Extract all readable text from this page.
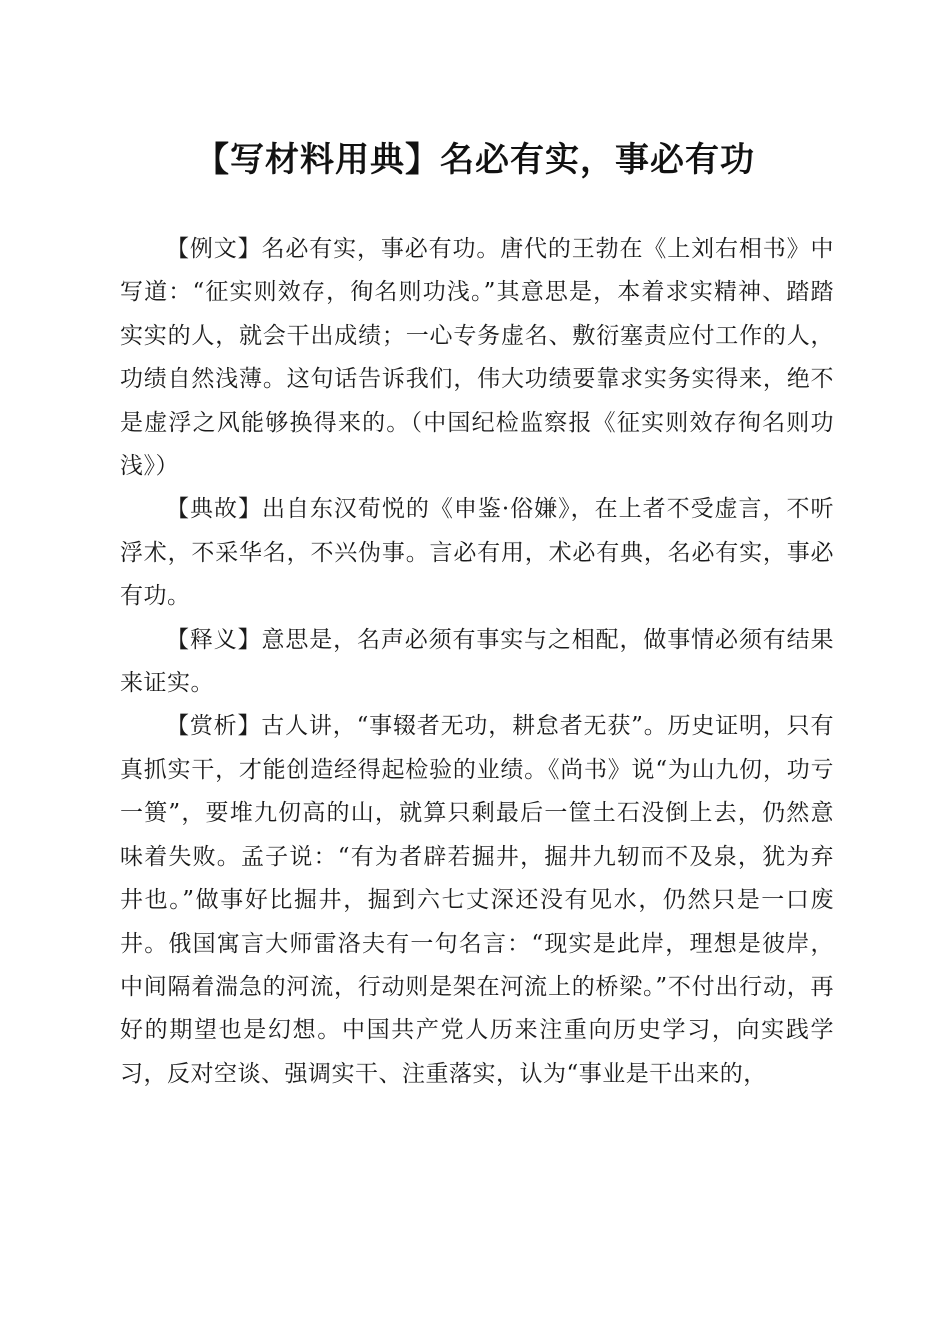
【写材料用典】名必有实，事必有功

【例文】名必有实，事必有功。唐代的王勃在《上刘右相书》中写道：“征实则效存，徇名则功浅。”其意思是，本着求实精神、踏踏实实的人，就会干出成绩；一心专务虚名、敷衍塞责应付工作的人，功绩自然浅薄。这句话告诉我们，伟大功绩要靠求实务实得来，绝不是虚浮之风能够换得来的。（中国纪检监察报《征实则效存徇名则功浅》）

【典故】出自东汉荀悦的《申鉴·俗嫌》，在上者不受虚言，不听浮术，不采华名，不兴伪事。言必有用，术必有典，名必有实，事必有功。

【释义】意思是，名声必须有事实与之相配，做事情必须有结果来证实。

【赏析】古人讲，“事辍者无功，耕怠者无获”。历史证明，只有真抓实干，才能创造经得起检验的业绩。《尚书》说“为山九仞，功亏一篑”，要堆九仞高的山，就算只剩最后一筐土石没倒上去，仍然意味着失败。孟子说：“有为者辟若掘井，掘井九轫而不及泉，犹为弃井也。”做事好比掘井，掘到六七丈深还没有见水，仍然只是一口废井。俄国寓言大师雷洛夫有一句名言：“现实是此岸，理想是彼岸，中间隔着湍急的河流，行动则是架在河流上的桥梁。”不付出行动，再好的期望也是幻想。中国共产党人历来注重向历史学习，向实践学习，反对空谈、强调实干、注重落实，认为“事业是干出来的，
